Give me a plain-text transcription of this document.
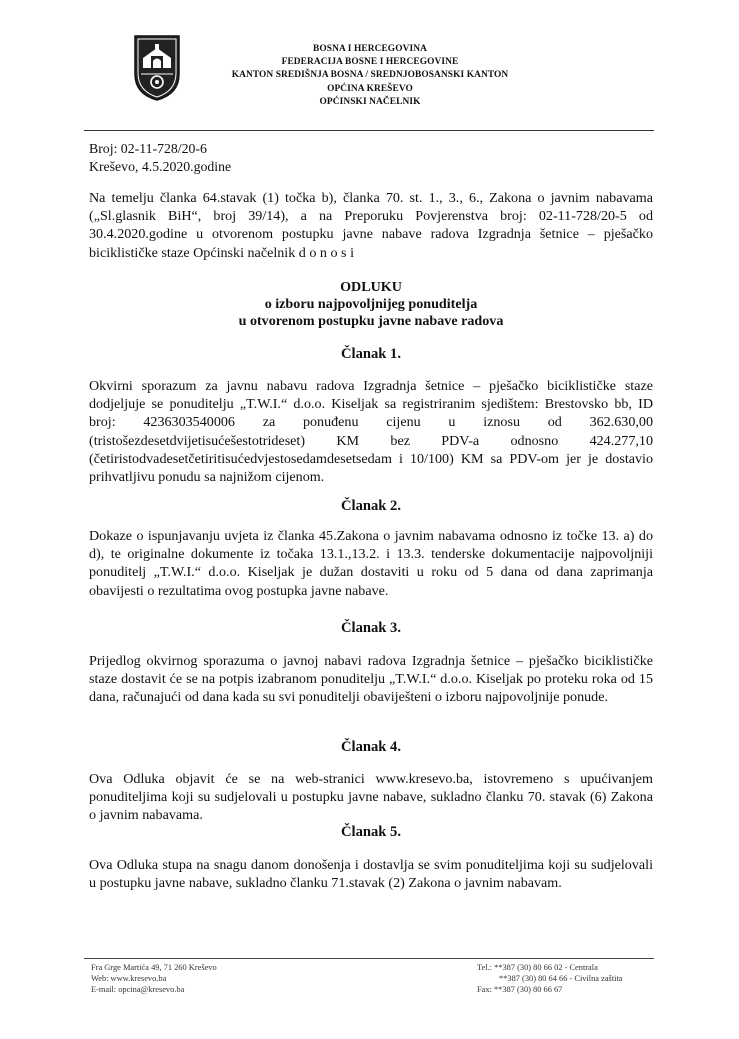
BOSNA I HERCEGOVINA
FEDERACIJA BOSNE I HERCEGOVINE
KANTON SREDIŠNJA BOSNA / SREDNJOBOSANSKI KANTON
OPĆINA KREŠEVO
OPĆINSKI NAČELNIK
Broj: 02-11-728/20-6
Kreševo, 4.5.2020.godine
Na temelju članka 64.stavak (1) točka b), članka 70. st. 1., 3., 6., Zakona o javnim nabavama („Sl.glasnik BiH“, broj 39/14), a na Preporuku Povjerenstva broj: 02-11-728/20-5 od 30.4.2020.godine u otvorenom postupku javne nabave radova Izgradnja šetnice – pješačko biciklističke staze Općinski načelnik d o n o s i
ODLUKU
o izboru najpovoljnijeg ponuditelja
u otvorenom postupku javne nabave radova
Članak 1.
Okvirni sporazum za javnu nabavu radova Izgradnja šetnice – pješačko biciklističke staze dodjeljuje se ponuditelju „T.W.I.“ d.o.o. Kiseljak sa registriranim sjedištem: Brestovsko bb, ID broj: 4236303540006 za ponuđenu cijenu u iznosu od 362.630,00 (tristošezdesetdvijetisućešestotrideset) KM bez PDV-a odnosno 424.277,10 (četiristodvadesetčetiritisućedvjestosedamdesetsedam i 10/100) KM sa PDV-om jer je dostavio prihvatljivu ponudu sa najnižom cijenom.
Članak 2.
Dokaze o ispunjavanju uvjeta iz članka 45.Zakona o javnim nabavama odnosno iz točke 13. a) do d), te originalne dokumente iz točaka 13.1.,13.2. i 13.3. tenderske dokumentacije najpovoljniji ponuditelj „T.W.I.“ d.o.o. Kiseljak je dužan dostaviti u roku od 5 dana od dana zaprimanja obavijesti o rezultatima ovog postupka javne nabave.
Članak 3.
Prijedlog okvirnog sporazuma o javnoj nabavi radova Izgradnja šetnice – pješačko biciklističke staze dostavit će se na potpis izabranom ponuditelju „T.W.I.“ d.o.o. Kiseljak po proteku roka od 15 dana, računajući od dana kada su svi ponuditelji obaviješteni o izboru najpovoljnije ponude.
Članak 4.
Ova Odluka objavit će se na web-stranici www.kresevo.ba, istovremeno s upućivanjem ponuditeljima koji su sudjelovali u postupku javne nabave, sukladno članku 70. stavak (6) Zakona o javnim nabavama.
Članak 5.
Ova Odluka stupa na snagu danom donošenja i dostavlja se svim ponuditeljima koji su sudjelovali u postupku javne nabave, sukladno članku 71.stavak (2) Zakona o javnim nabavam.
Fra Grge Martića 49, 71 260 Kreševo
Web: www.kresevo.ba
E-mail: opcina@kresevo.ba
Tel.: **387 (30) 80 66 02 - Centrala
**387 (30) 80 64 66 - Civilna zaštita
Fax: **387 (30) 80 66 67
